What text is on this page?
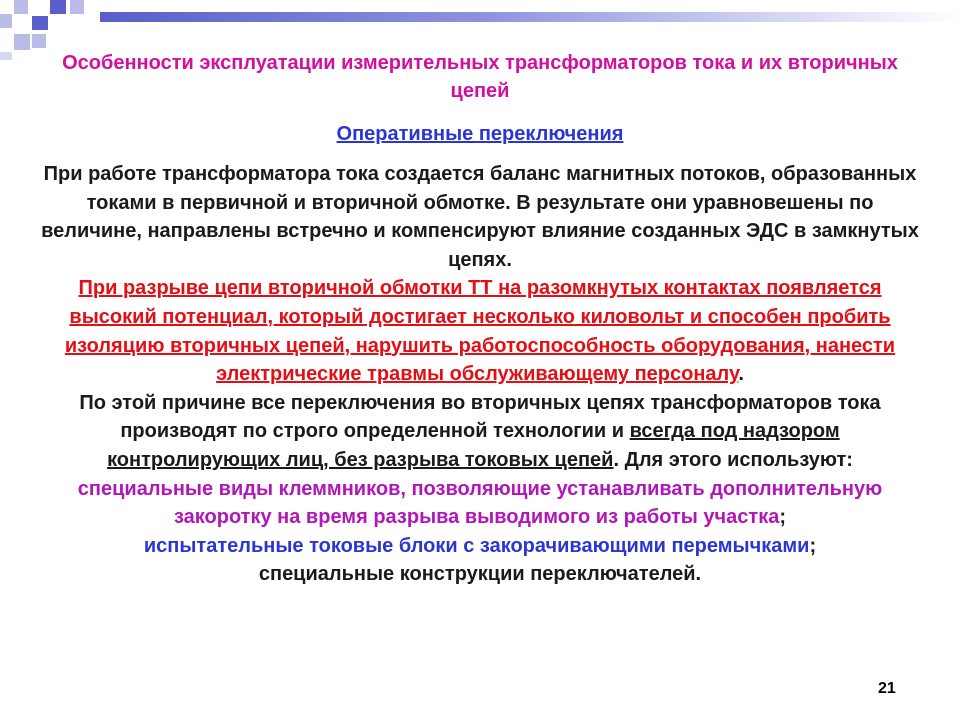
Особенности эксплуатации измерительных трансформаторов тока и их вторичных цепей
Оперативные переключения

При работе трансформатора тока создается баланс магнитных потоков, образованных токами в первичной и вторичной обмотке. В результате они уравновешены по величине, направлены встречно и компенсируют влияние созданных ЭДС в замкнутых цепях.

При разрыве цепи вторичной обмотки ТТ на разомкнутых контактах появляется высокий потенциал, который достигает несколько киловольт и способен пробить изоляцию вторичных цепей, нарушить работоспособность оборудования, нанести электрические травмы обслуживающему персоналу.

По этой причине все переключения во вторичных цепях трансформаторов тока производят по строго определенной технологии и всегда под надзором контролирующих лиц, без разрыва токовых цепей. Для этого используют:

специальные виды клеммников, позволяющие устанавливать дополнительную закоротку на время разрыва выводимого из работы участка;

испытательные токовые блоки с закорачивающими перемычками;

специальные конструкции переключателей.

21
